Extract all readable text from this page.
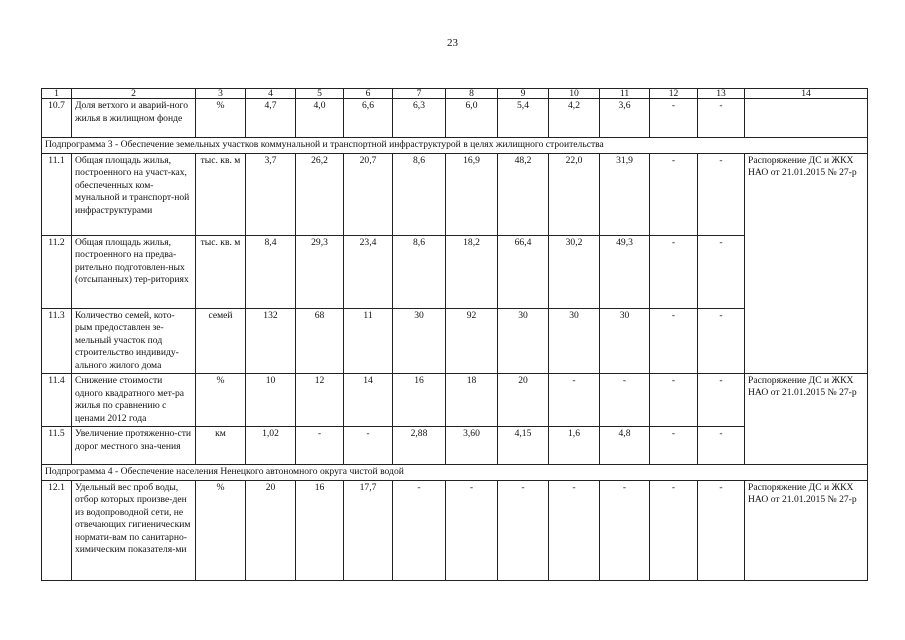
23
1	2	3	4	5	6	7	8	9	10	11	12	13	14
10.7	Доля ветхого и аварий-ного жилья в жилищном фонде	%	4,7	4,0	6,6	6,3	6,0	5,4	4,2	3,6	-	-	
Подпрограмма 3 - Обеспечение земельных участков коммунальной и транспортной инфраструктурой в целях жилищного строительства													
11.1	Общая площадь жилья, построенного на участ-ках, обеспеченных ком-мунальной и транспорт-ной инфраструктурами	тыс. кв. м	3,7	26,2	20,7	8,6	16,9	48,2	22,0	31,9	-	-	Распоряжение ДС и ЖКХ НАО от 21.01.2015 № 27-р
11.2	Общая площадь жилья, построенного на предва-рительно подготовлен-ных (отсыпанных) тер-риториях	тыс. кв. м	8,4	29,3	23,4	8,6	18,2	66,4	30,2	49,3	-	-	
11.3	Количество семей, кото-рым предоставлен зе-мельный участок под строительство индивиду-ального жилого дома	семей	132	68	11	30	92	30	30	30	-	-	
11.4	Снижение стоимости одного квадратного мет-ра жилья по сравнению с ценами 2012 года	%	10	12	14	16	18	20	-	-	-	-	Распоряжение ДС и ЖКХ НАО от 21.01.2015 № 27-р
11.5	Увеличение протяженно-сти дорог местного зна-чения	км	1,02	-	-	2,88	3,60	4,15	1,6	4,8	-	-	
Подпрограмма 4 - Обеспечение населения Ненецкого автономного округа чистой водой													
12.1	Удельный вес проб воды, отбор которых произве-ден из водопроводной сети, не отвечающих гигиеническим нормати-вам по санитарно-химическим показателя-ми	%	20	16	17,7	-	-	-	-	-	-	-	Распоряжение ДС и ЖКХ НАО от 21.01.2015 № 27-р
